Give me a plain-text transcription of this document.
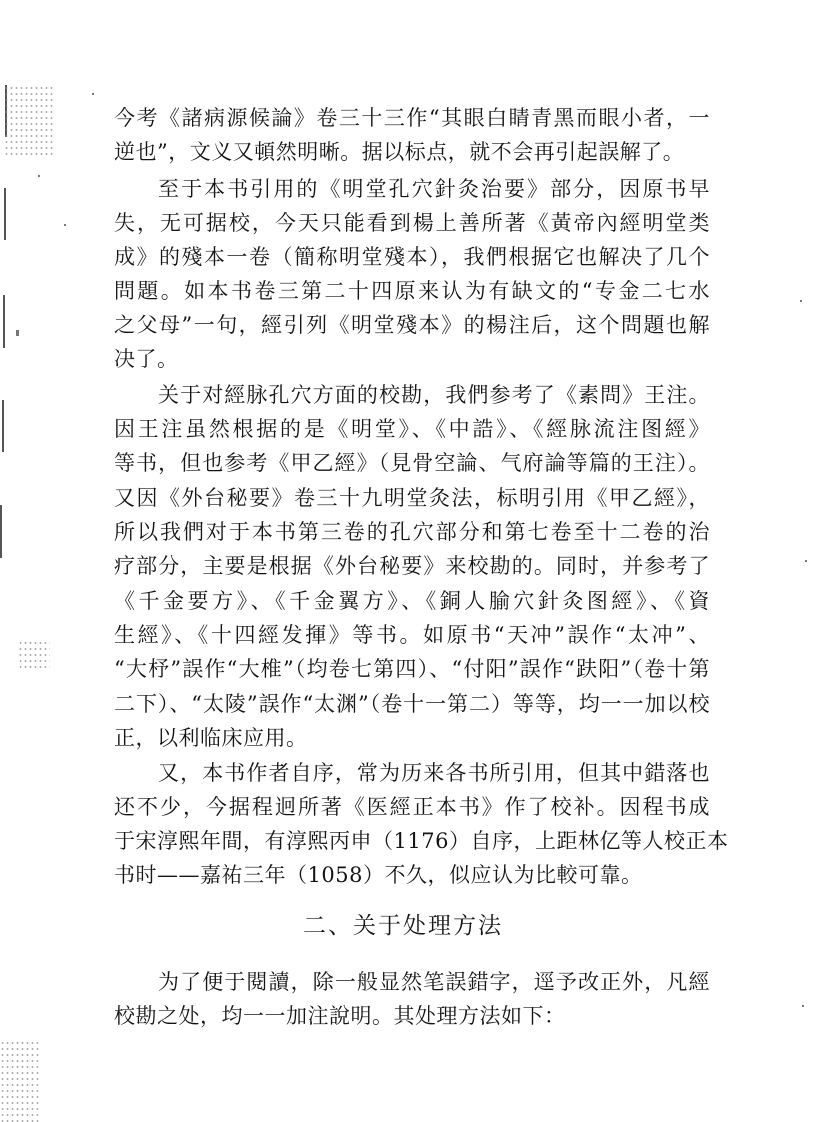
今考《諸病源候論》卷三十三作“其眼白睛青黑而眼小者，一
逆也”，文义又頓然明晰。据以标点，就不会再引起誤解了。
至于本书引用的《明堂孔穴針灸治要》部分，因原书早
失，无可据校，今天只能看到楊上善所著《黃帝內經明堂类
成》的殘本一卷（簡称明堂殘本），我們根据它也解决了几个
問題。如本书卷三第二十四原来认为有缺文的“专金二七水
之父母”一句，經引列《明堂殘本》的楊注后，这个問題也解
决了。
关于对經脉孔穴方面的校勘，我們参考了《素問》王注。
因王注虽然根据的是《明堂》、《中誥》、《經脉流注图經》
等书，但也参考《甲乙經》（見骨空論、气府論等篇的王注）。
又因《外台秘要》卷三十九明堂灸法，标明引用《甲乙經》，
所以我們对于本书第三卷的孔穴部分和第七卷至十二卷的治
疗部分，主要是根据《外台秘要》来校勘的。同时，并参考了
《千金要方》、《千金翼方》、《銅人腧穴針灸图經》、《資
生經》、《十四經发揮》等书。如原书“天冲”誤作“太冲”、
“大杼”誤作“大椎”（均卷七第四）、“付阳”誤作“趺阳”（卷十第
二下）、“太陵”誤作“太渊”（卷十一第二）等等，均一一加以校
正，以利临床应用。
又，本书作者自序，常为历来各书所引用，但其中錯落也
还不少，今据程迥所著《医經正本书》作了校补。因程书成
于宋淳熙年間，有淳熙丙申（1176）自序，上距林亿等人校正本
书时——嘉祐三年（1058）不久，似应认为比較可靠。
二、关于处理方法
为了便于閱讀，除一般显然笔誤錯字，逕予改正外，凡經
校勘之处，均一一加注說明。其处理方法如下：
